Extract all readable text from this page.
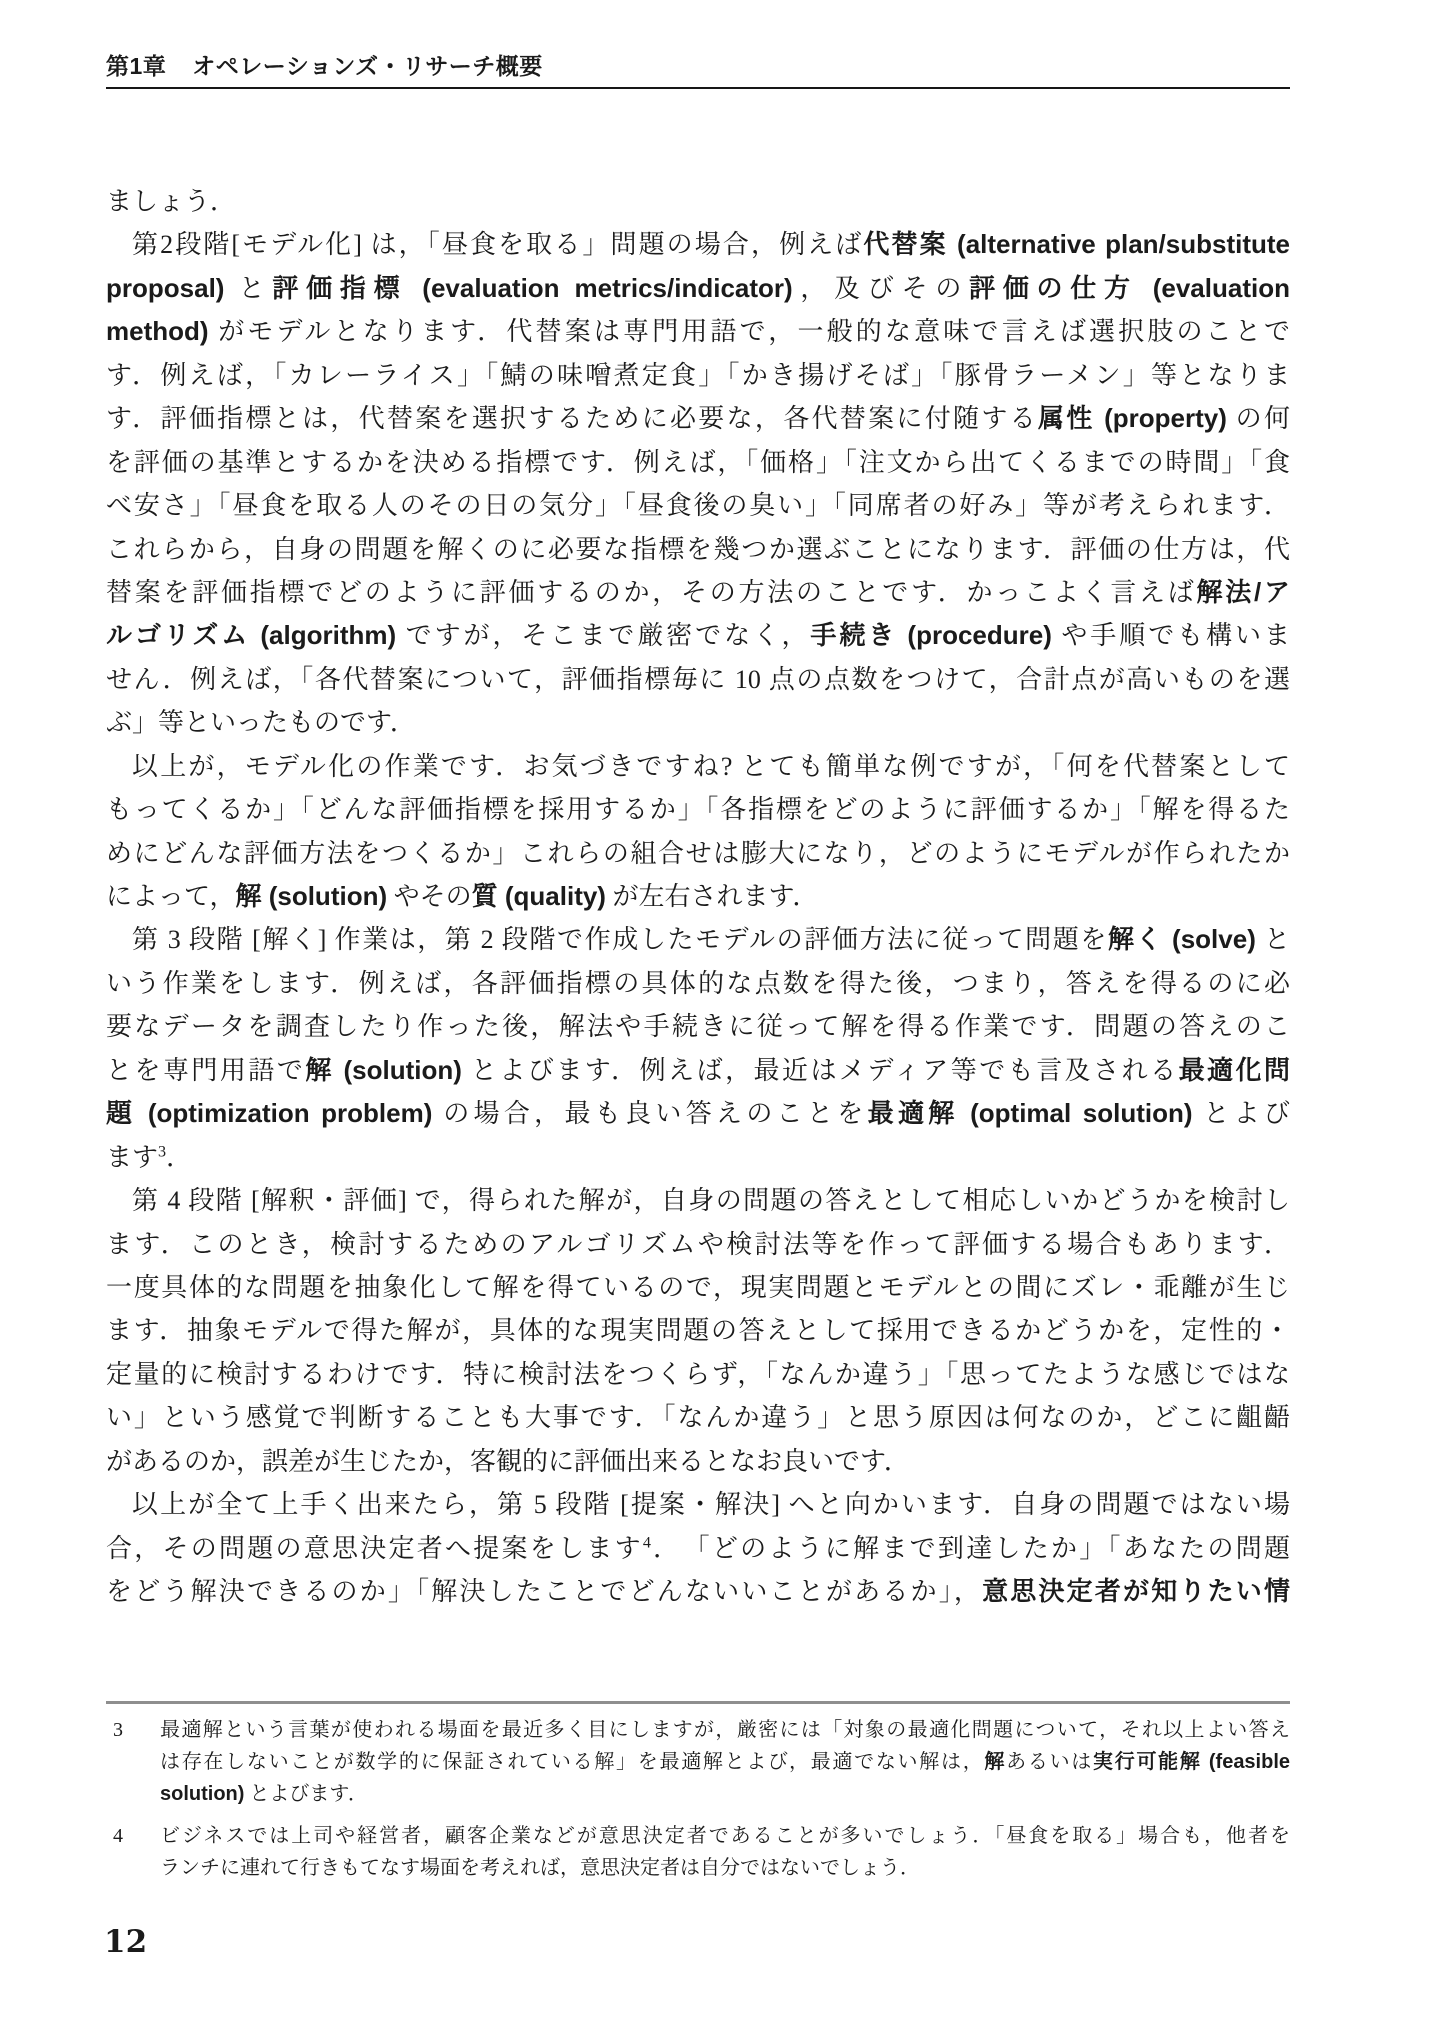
第1章 オペレーションズ・リサーチ概要
ましょう．
第2段階[モデル化] は，「昼食を取る」問題の場合，例えば代替案 (alternative plan/substitute
proposal) と評価指標 (evaluation metrics/indicator)，及びその評価の仕方 (evaluation
method) がモデルとなります．代替案は専門用語で，一般的な意味で言えば選択肢のことで
す．例えば，「カレーライス」「鯖の味噌煮定食」「かき揚げそば」「豚骨ラーメン」等となりま
す．評価指標とは，代替案を選択するために必要な，各代替案に付随する属性 (property) の何
を評価の基準とするかを決める指標です．例えば，「価格」「注文から出てくるまでの時間」「食
べ安さ」「昼食を取る人のその日の気分」「昼食後の臭い」「同席者の好み」等が考えられます．
これらから，自身の問題を解くのに必要な指標を幾つか選ぶことになります．評価の仕方は，代
替案を評価指標でどのように評価するのか，その方法のことです．かっこよく言えば解法/ア
ルゴリズム (algorithm) ですが，そこまで厳密でなく，手続き (procedure) や手順でも構いま
せん．例えば，「各代替案について，評価指標毎に 10 点の点数をつけて，合計点が高いものを選
ぶ」等といったものです．
以上が，モデル化の作業です．お気づきですね? とても簡単な例ですが，「何を代替案として
もってくるか」「どんな評価指標を採用するか」「各指標をどのように評価するか」「解を得るた
めにどんな評価方法をつくるか」これらの組合せは膨大になり，どのようにモデルが作られたか
によって，解 (solution) やその質 (quality) が左右されます．
第 3 段階 [解く] 作業は，第 2 段階で作成したモデルの評価方法に従って問題を解く (solve) と
いう作業をします．例えば，各評価指標の具体的な点数を得た後，つまり，答えを得るのに必
要なデータを調査したり作った後，解法や手続きに従って解を得る作業です．問題の答えのこ
とを専門用語で解 (solution) とよびます．例えば，最近はメディア等でも言及される最適化問
題 (optimization problem) の場合，最も良い答えのことを最適解 (optimal solution) とよび
ます$^3$．
第 4 段階 [解釈・評価] で，得られた解が，自身の問題の答えとして相応しいかどうかを検討し
ます．このとき，検討するためのアルゴリズムや検討法等を作って評価する場合もあります．
一度具体的な問題を抽象化して解を得ているので，現実問題とモデルとの間にズレ・乖離が生じ
ます．抽象モデルで得た解が，具体的な現実問題の答えとして採用できるかどうかを，定性的・
定量的に検討するわけです．特に検討法をつくらず，「なんか違う」「思ってたような感じではな
い」という感覚で判断することも大事です．「なんか違う」と思う原因は何なのか，どこに齟齬
があるのか，誤差が生じたか，客観的に評価出来るとなお良いです．
以上が全て上手く出来たら，第 5 段階 [提案・解決] へと向かいます．自身の問題ではない場
合，その問題の意思決定者へ提案をします$^4$．　「どのように解まで到達したか」「あなたの問題
をどう解決できるのか」「解決したことでどんないいことがあるか」，意思決定者が知りたい情
3	最適解という言葉が使われる場面を最近多く目にしますが，厳密には「対象の最適化問題について，それ以上よい答え
は存在しないことが数学的に保証されている解」を最適解とよび，最適でない解は，解あるいは実行可能解 (feasible
solution) とよびます．
4	ビジネスでは上司や経営者，顧客企業などが意思決定者であることが多いでしょう．「昼食を取る」場合も，他者を
ランチに連れて行きもてなす場面を考えれば，意思決定者は自分ではないでしょう．
12
